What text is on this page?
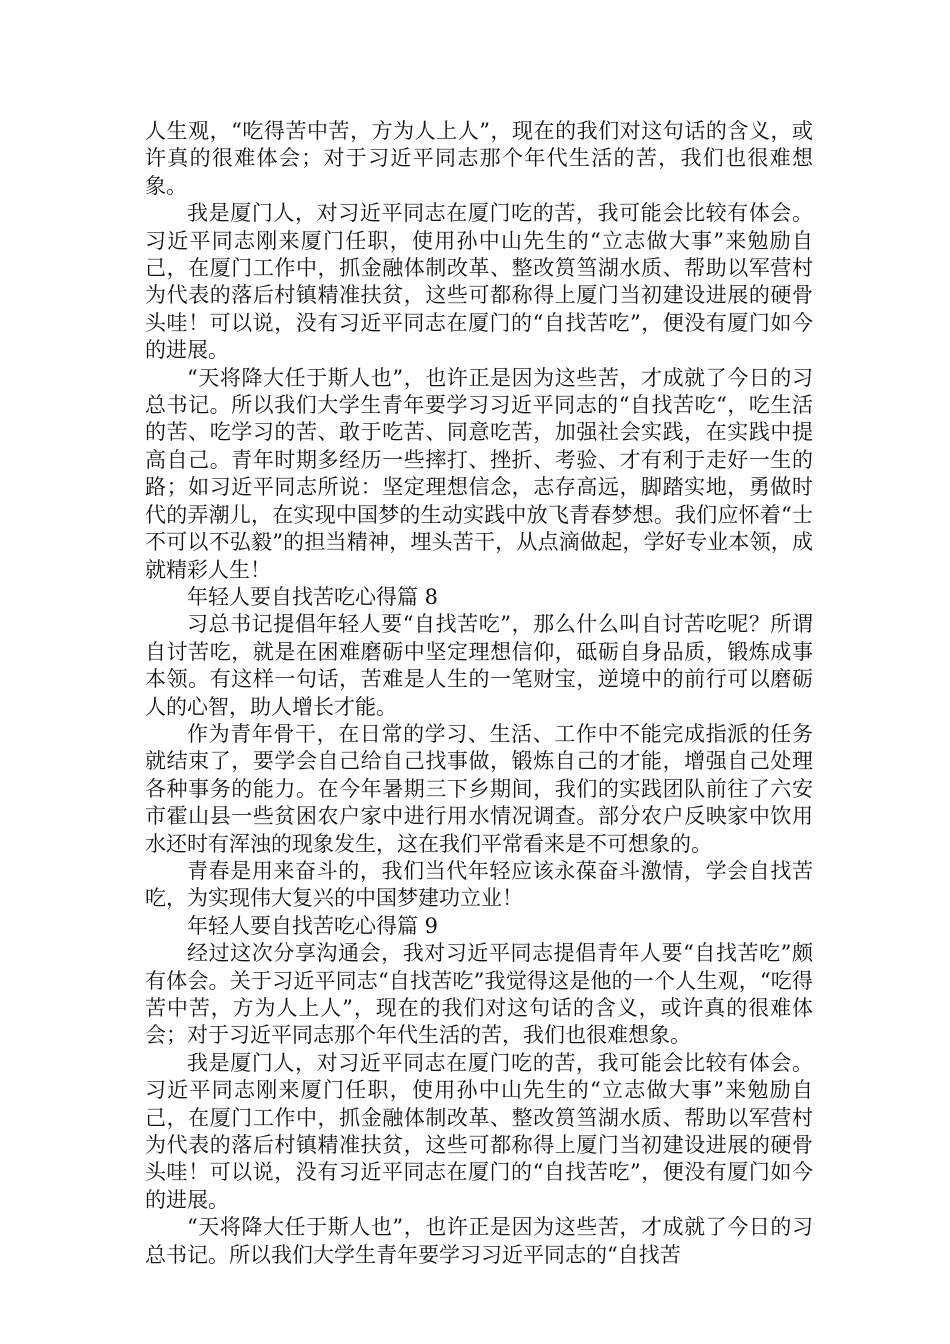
人生观，“吃得苦中苦，方为人上人”，现在的我们对这句话的含义，或许真的很难体会；对于习近平同志那个年代生活的苦，我们也很难想象。

我是厦门人，对习近平同志在厦门吃的苦，我可能会比较有体会。习近平同志刚来厦门任职，使用孙中山先生的“立志做大事”来勉励自己，在厦门工作中，抓金融体制改革、整改筼筜湖水质、帮助以军营村为代表的落后村镇精准扶贫，这些可都称得上厦门当初建设进展的硬骨头哇！可以说，没有习近平同志在厦门的“自找苦吃”，便没有厦门如今的进展。

“天将降大任于斯人也”，也许正是因为这些苦，才成就了今日的习总书记。所以我们大学生青年要学习习近平同志的“自找苦吃“，吃生活的苦、吃学习的苦、敢于吃苦、同意吃苦，加强社会实践，在实践中提高自己。青年时期多经历一些摔打、挫折、考验、才有利于走好一生的路；如习近平同志所说：坚定理想信念，志存高远，脚踏实地，勇做时代的弄潮儿，在实现中国梦的生动实践中放飞青春梦想。我们应怀着“士不可以不弘毅”的担当精神，埋头苦干，从点滴做起，学好专业本领，成就精彩人生！

年轻人要自找苦吃心得篇 8

习总书记提倡年轻人要“自找苦吃”，那么什么叫自讨苦吃呢？所谓自讨苦吃，就是在困难磨砺中坚定理想信仰，砥砺自身品质，锻炼成事本领。有这样一句话，苦难是人生的一笔财宝，逆境中的前行可以磨砺人的心智，助人增长才能。

作为青年骨干，在日常的学习、生活、工作中不能完成指派的任务就结束了，要学会自己给自己找事做，锻炼自己的才能，增强自己处理各种事务的能力。在今年暑期三下乡期间，我们的实践团队前往了六安市霍山县一些贫困农户家中进行用水情况调查。部分农户反映家中饮用水还时有浑浊的现象发生，这在我们平常看来是不可想象的。

青春是用来奋斗的，我们当代年轻应该永葆奋斗激情，学会自找苦吃，为实现伟大复兴的中国梦建功立业！

年轻人要自找苦吃心得篇 9

经过这次分享沟通会，我对习近平同志提倡青年人要“自找苦吃”颇有体会。关于习近平同志“自找苦吃”我觉得这是他的一个人生观，“吃得苦中苦，方为人上人”，现在的我们对这句话的含义，或许真的很难体会；对于习近平同志那个年代生活的苦，我们也很难想象。

我是厦门人，对习近平同志在厦门吃的苦，我可能会比较有体会。习近平同志刚来厦门任职，使用孙中山先生的“立志做大事”来勉励自己，在厦门工作中，抓金融体制改革、整改筼筜湖水质、帮助以军营村为代表的落后村镇精准扶贫，这些可都称得上厦门当初建设进展的硬骨头哇！可以说，没有习近平同志在厦门的“自找苦吃”，便没有厦门如今的进展。

“天将降大任于斯人也”，也许正是因为这些苦，才成就了今日的习总书记。所以我们大学生青年要学习习近平同志的“自找苦
